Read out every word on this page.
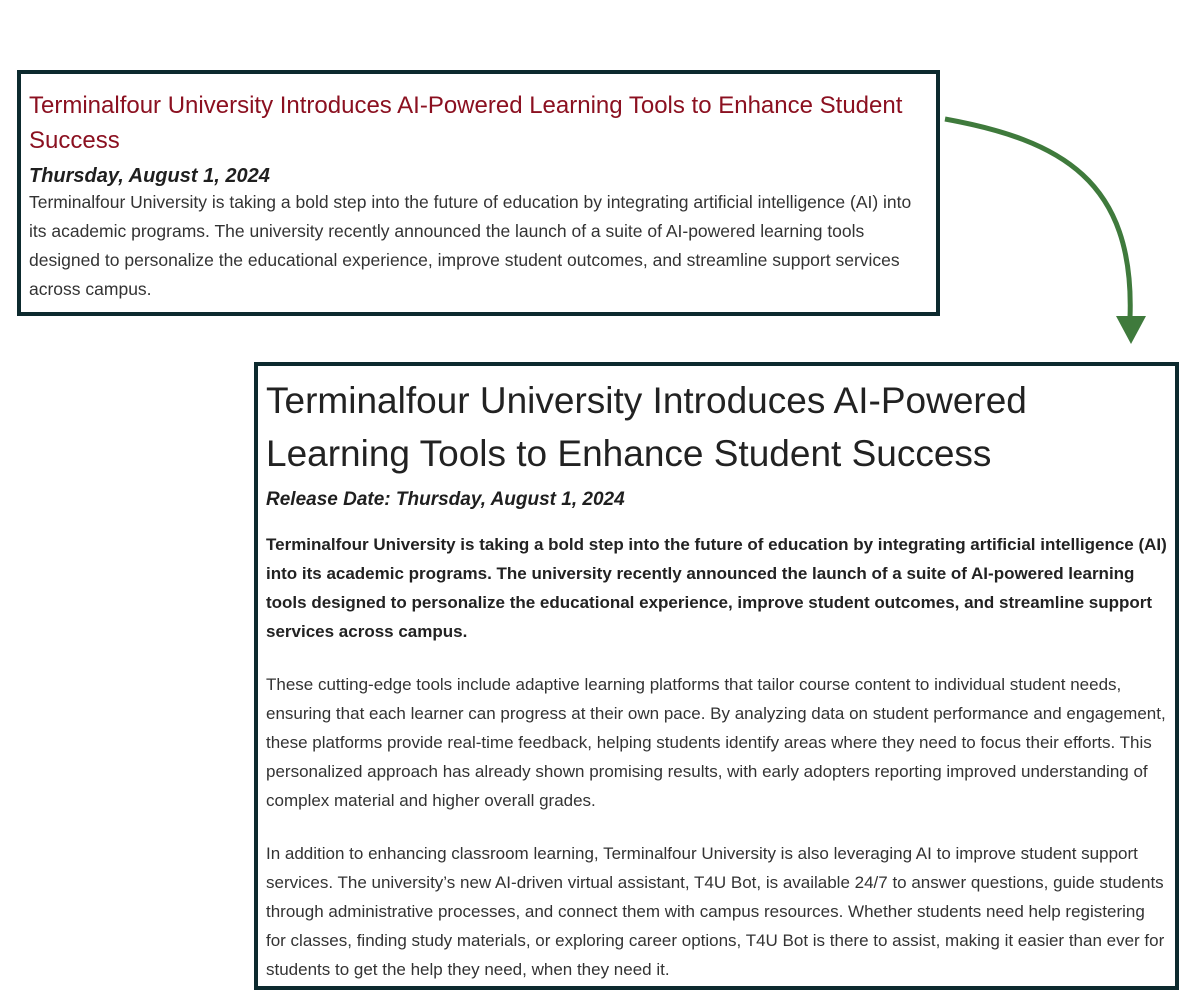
Terminalfour University Introduces AI-Powered Learning Tools to Enhance Student Success
Thursday, August 1, 2024

Terminalfour University is taking a bold step into the future of education by integrating artificial intelligence (AI) into its academic programs. The university recently announced the launch of a suite of AI-powered learning tools designed to personalize the educational experience, improve student outcomes, and streamline support services across campus.

Terminalfour University Introduces AI-Powered Learning Tools to Enhance Student Success
Release Date: Thursday, August 1, 2024

Terminalfour University is taking a bold step into the future of education by integrating artificial intelligence (AI) into its academic programs. The university recently announced the launch of a suite of AI-powered learning tools designed to personalize the educational experience, improve student outcomes, and streamline support services across campus.

These cutting-edge tools include adaptive learning platforms that tailor course content to individual student needs, ensuring that each learner can progress at their own pace. By analyzing data on student performance and engagement, these platforms provide real-time feedback, helping students identify areas where they need to focus their efforts. This personalized approach has already shown promising results, with early adopters reporting improved understanding of complex material and higher overall grades.

In addition to enhancing classroom learning, Terminalfour University is also leveraging AI to improve student support services. The university’s new AI-driven virtual assistant, T4U Bot, is available 24/7 to answer questions, guide students through administrative processes, and connect them with campus resources. Whether students need help registering for classes, finding study materials, or exploring career options, T4U Bot is there to assist, making it easier than ever for students to get the help they need, when they need it.
